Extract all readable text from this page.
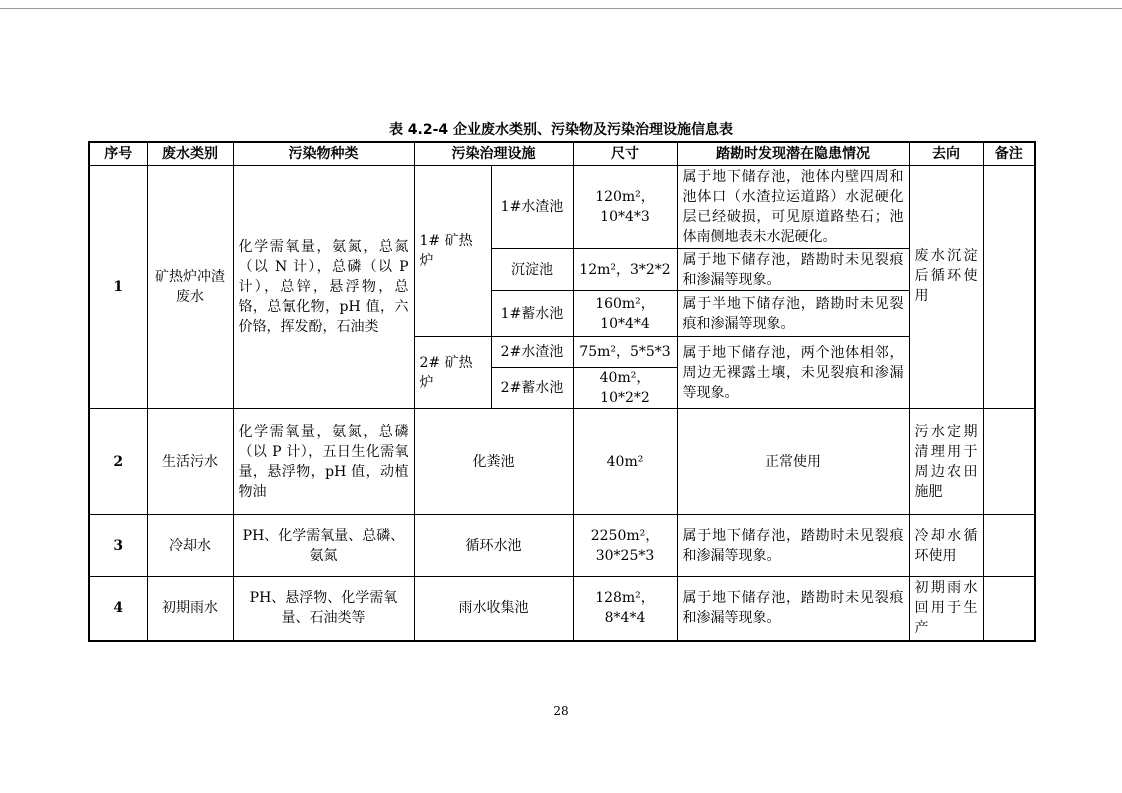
表 4.2-4 企业废水类别、污染物及污染治理设施信息表
序号	废水类别	污染物种类	污染治理设施		尺寸	踏勘时发现潜在隐患情况	去向	备注
1	矿热炉冲渣废水	化学需氧量，氨氮，总氮（以 N 计），总磷（以 P 计），总锌，悬浮物，总铬，总氰化物，pH 值，六价铬，挥发酚，石油类	1# 矿热炉	1#水渣池	120m²，10*4*3	属于地下储存池，池体内壁四周和池体口（水渣拉运道路）水泥硬化层已经破损，可见原道路垫石；池体南侧地表未水泥硬化。	废水沉淀后循环使用	
				沉淀池	12m²，3*2*2	属于地下储存池，踏勘时未见裂痕和渗漏等现象。		
				1#蓄水池	160m²，10*4*4	属于半地下储存池，踏勘时未见裂痕和渗漏等现象。		
			2# 矿热炉	2#水渣池	75m²，5*5*3	属于地下储存池，两个池体相邻，周边无裸露土壤，未见裂痕和渗漏等现象。		
				2#蓄水池	40m²，10*2*2			
2	生活污水	化学需氧量，氨氮，总磷（以 P 计），五日生化需氧量，悬浮物，pH 值，动植物油	化粪池		40m²	正常使用	污水定期清理用于周边农田施肥	
3	冷却水	PH、化学需氧量、总磷、氨氮	循环水池		2250m²，30*25*3	属于地下储存池，踏勘时未见裂痕和渗漏等现象。	冷却水循环使用	
4	初期雨水	PH、悬浮物、化学需氧量、石油类等	雨水收集池		128m²，8*4*4	属于地下储存池，踏勘时未见裂痕和渗漏等现象。	初期雨水回用于生产	
28
